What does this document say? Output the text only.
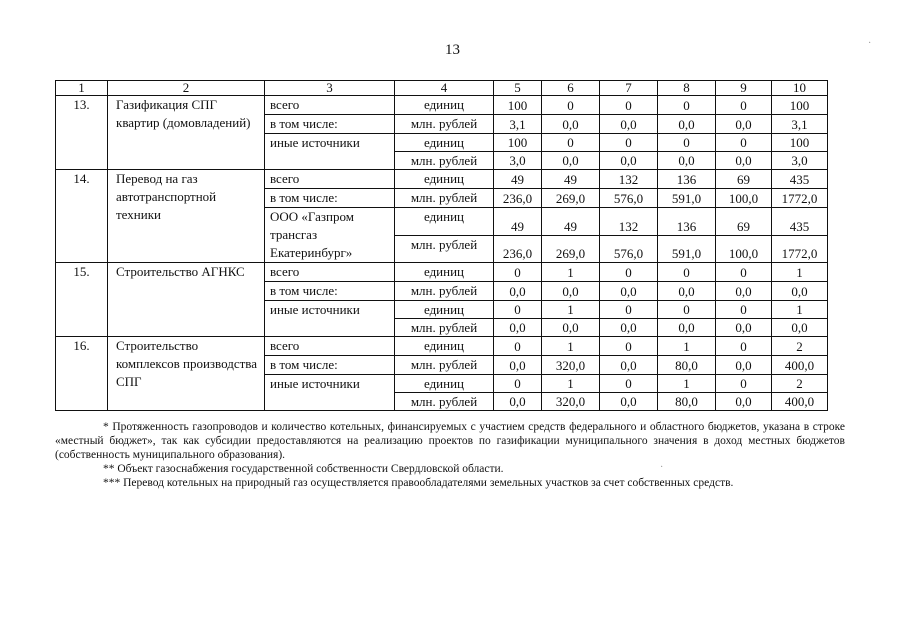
13
1	2	3	4	5	6	7	8	9	10
13.	Газификация СПГ квартир (домовладений)	всего	единиц	100	0	0	0	0	100
		в том числе:	млн. рублей	3,1	0,0	0,0	0,0	0,0	3,1
		иные источники	единиц	100	0	0	0	0	100
			млн. рублей	3,0	0,0	0,0	0,0	0,0	3,0
14.	Перевод на газ автотранспортной техники	всего	единиц	49	49	132	136	69	435
		в том числе:	млн. рублей	236,0	269,0	576,0	591,0	100,0	1772,0
		ООО «Газпром трансгаз Екатеринбург»	единиц	49	49	132	136	69	435
			млн. рублей	236,0	269,0	576,0	591,0	100,0	1772,0
15.	Строительство АГНКС	всего	единиц	0	1	0	0	0	1
		в том числе:	млн. рублей	0,0	0,0	0,0	0,0	0,0	0,0
		иные источники	единиц	0	1	0	0	0	1
			млн. рублей	0,0	0,0	0,0	0,0	0,0	0,0
16.	Строительство комплексов производства СПГ	всего	единиц	0	1	0	1	0	2
		в том числе:	млн. рублей	0,0	320,0	0,0	80,0	0,0	400,0
		иные источники	единиц	0	1	0	1	0	2
			млн. рублей	0,0	320,0	0,0	80,0	0,0	400,0
* Протяженность газопроводов и количество котельных, финансируемых с участием средств федерального и областного бюджетов, указана в строке «местный бюджет», так как субсидии предоставляются на реализацию проектов по газификации муниципального значения в доход местных бюджетов (собственность муниципального образования).
** Объект газоснабжения государственной собственности Свердловской области.
*** Перевод котельных на природный газ осуществляется правообладателями земельных участков за счет собственных средств.
·
·
